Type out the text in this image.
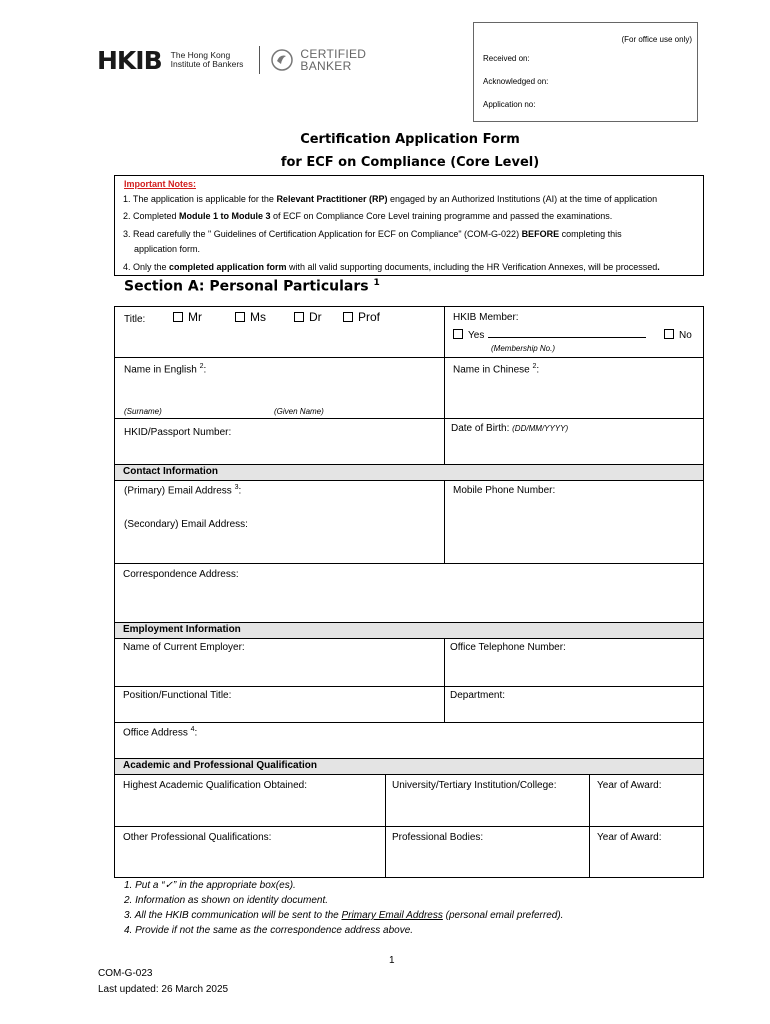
HKIB The Hong Kong
Institute of Bankers
CERTIFIED
BANKER
(For office use only)
Received on:
Acknowledged on:
Application no:
Certification Application Form
for ECF on Compliance (Core Level)
Important Notes:
1. The application is applicable for the Relevant Practitioner (RP) engaged by an Authorized Institutions (AI) at the time of application
2. Completed Module 1 to Module 3 of ECF on Compliance Core Level training programme and passed the examinations.
3. Read carefully the " Guidelines of Certification Application for ECF on Compliance" (COM-G-022) BEFORE completing this
application form.
4. Only the completed application form with all valid supporting documents, including the HR Verification Annexes, will be processed.
Section A: Personal Particulars $^1$
Title:	Mr	Ms	Dr	Prof	HKIB Member:
Yes	No
(Membership No.)
Name in English $^2$:	Name in Chinese $^2$:
(Surname)	(Given Name)
HKID/Passport Number:	Date of Birth: (DD/MM/YYYY)
Contact Information
(Primary) Email Address $^3$:	Mobile Phone Number:
(Secondary) Email Address:
Correspondence Address:
Employment Information
Name of Current Employer:	Office Telephone Number:
Position/Functional Title:	Department:
Office Address $^4$:
Academic and Professional Qualification
Highest Academic Qualification Obtained:	University/Tertiary Institution/College:	Year of Award:
Other Professional Qualifications:	Professional Bodies:	Year of Award:
1. Put a “✓” in the appropriate box(es).
2. Information as shown on identity document.
3. All the HKIB communication will be sent to the Primary Email Address (personal email preferred).
4. Provide if not the same as the correspondence address above.
1
COM-G-023
Last updated: 26 March 2025
